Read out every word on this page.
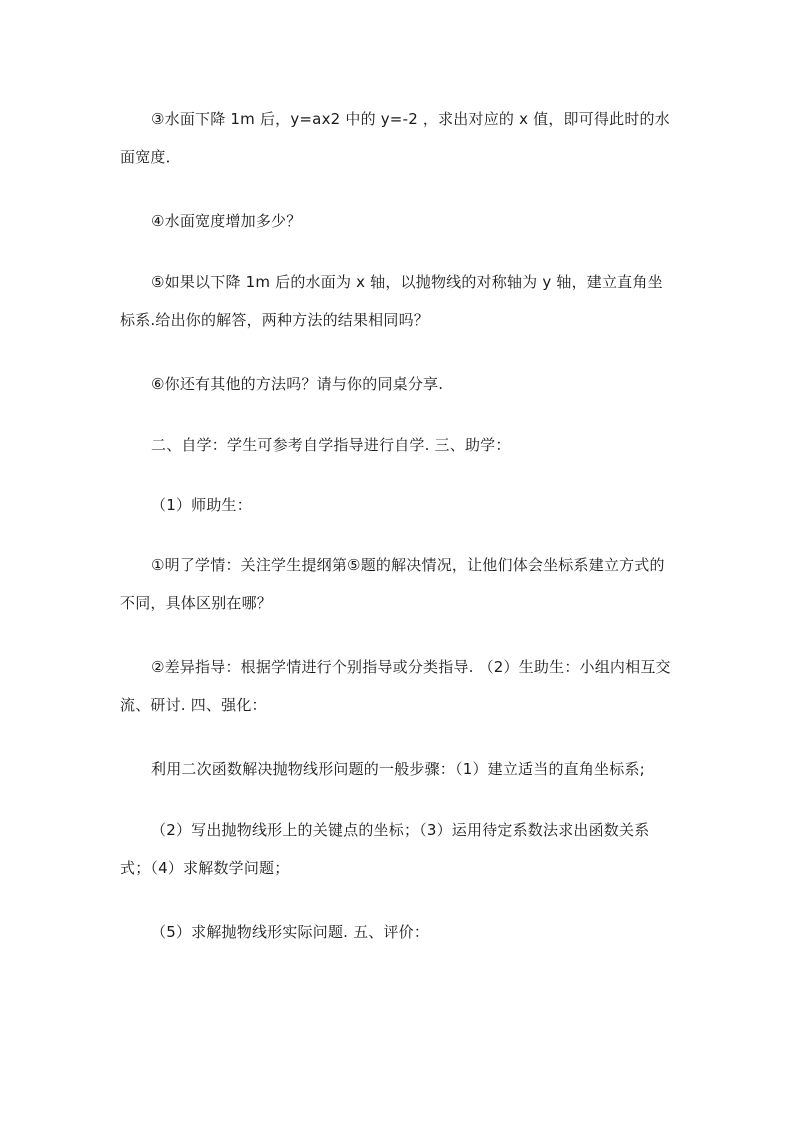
③水面下降 1m 后，y=ax2 中的 y=-2 ，求出对应的 x 值，即可得此时的水面宽度．

④水面宽度增加多少？

⑤如果以下降 1m 后的水面为 x 轴，以抛物线的对称轴为 y 轴，建立直角坐标系.给出你的解答，两种方法的结果相同吗？

⑥你还有其他的方法吗？请与你的同桌分享.

二、自学：学生可参考自学指导进行自学. 三、助学：

（1）师助生：

①明了学情：关注学生提纲第⑤题的解决情况，让他们体会坐标系建立方式的不同，具体区别在哪？

②差异指导：根据学情进行个别指导或分类指导. （2）生助生：小组内相互交流、研讨. 四、强化：

利用二次函数解决抛物线形问题的一般步骤：（1）建立适当的直角坐标系;

（2）写出抛物线形上的关键点的坐标；（3）运用待定系数法求出函数关系式；（4）求解数学问题；

（5）求解抛物线形实际问题. 五、评价：
